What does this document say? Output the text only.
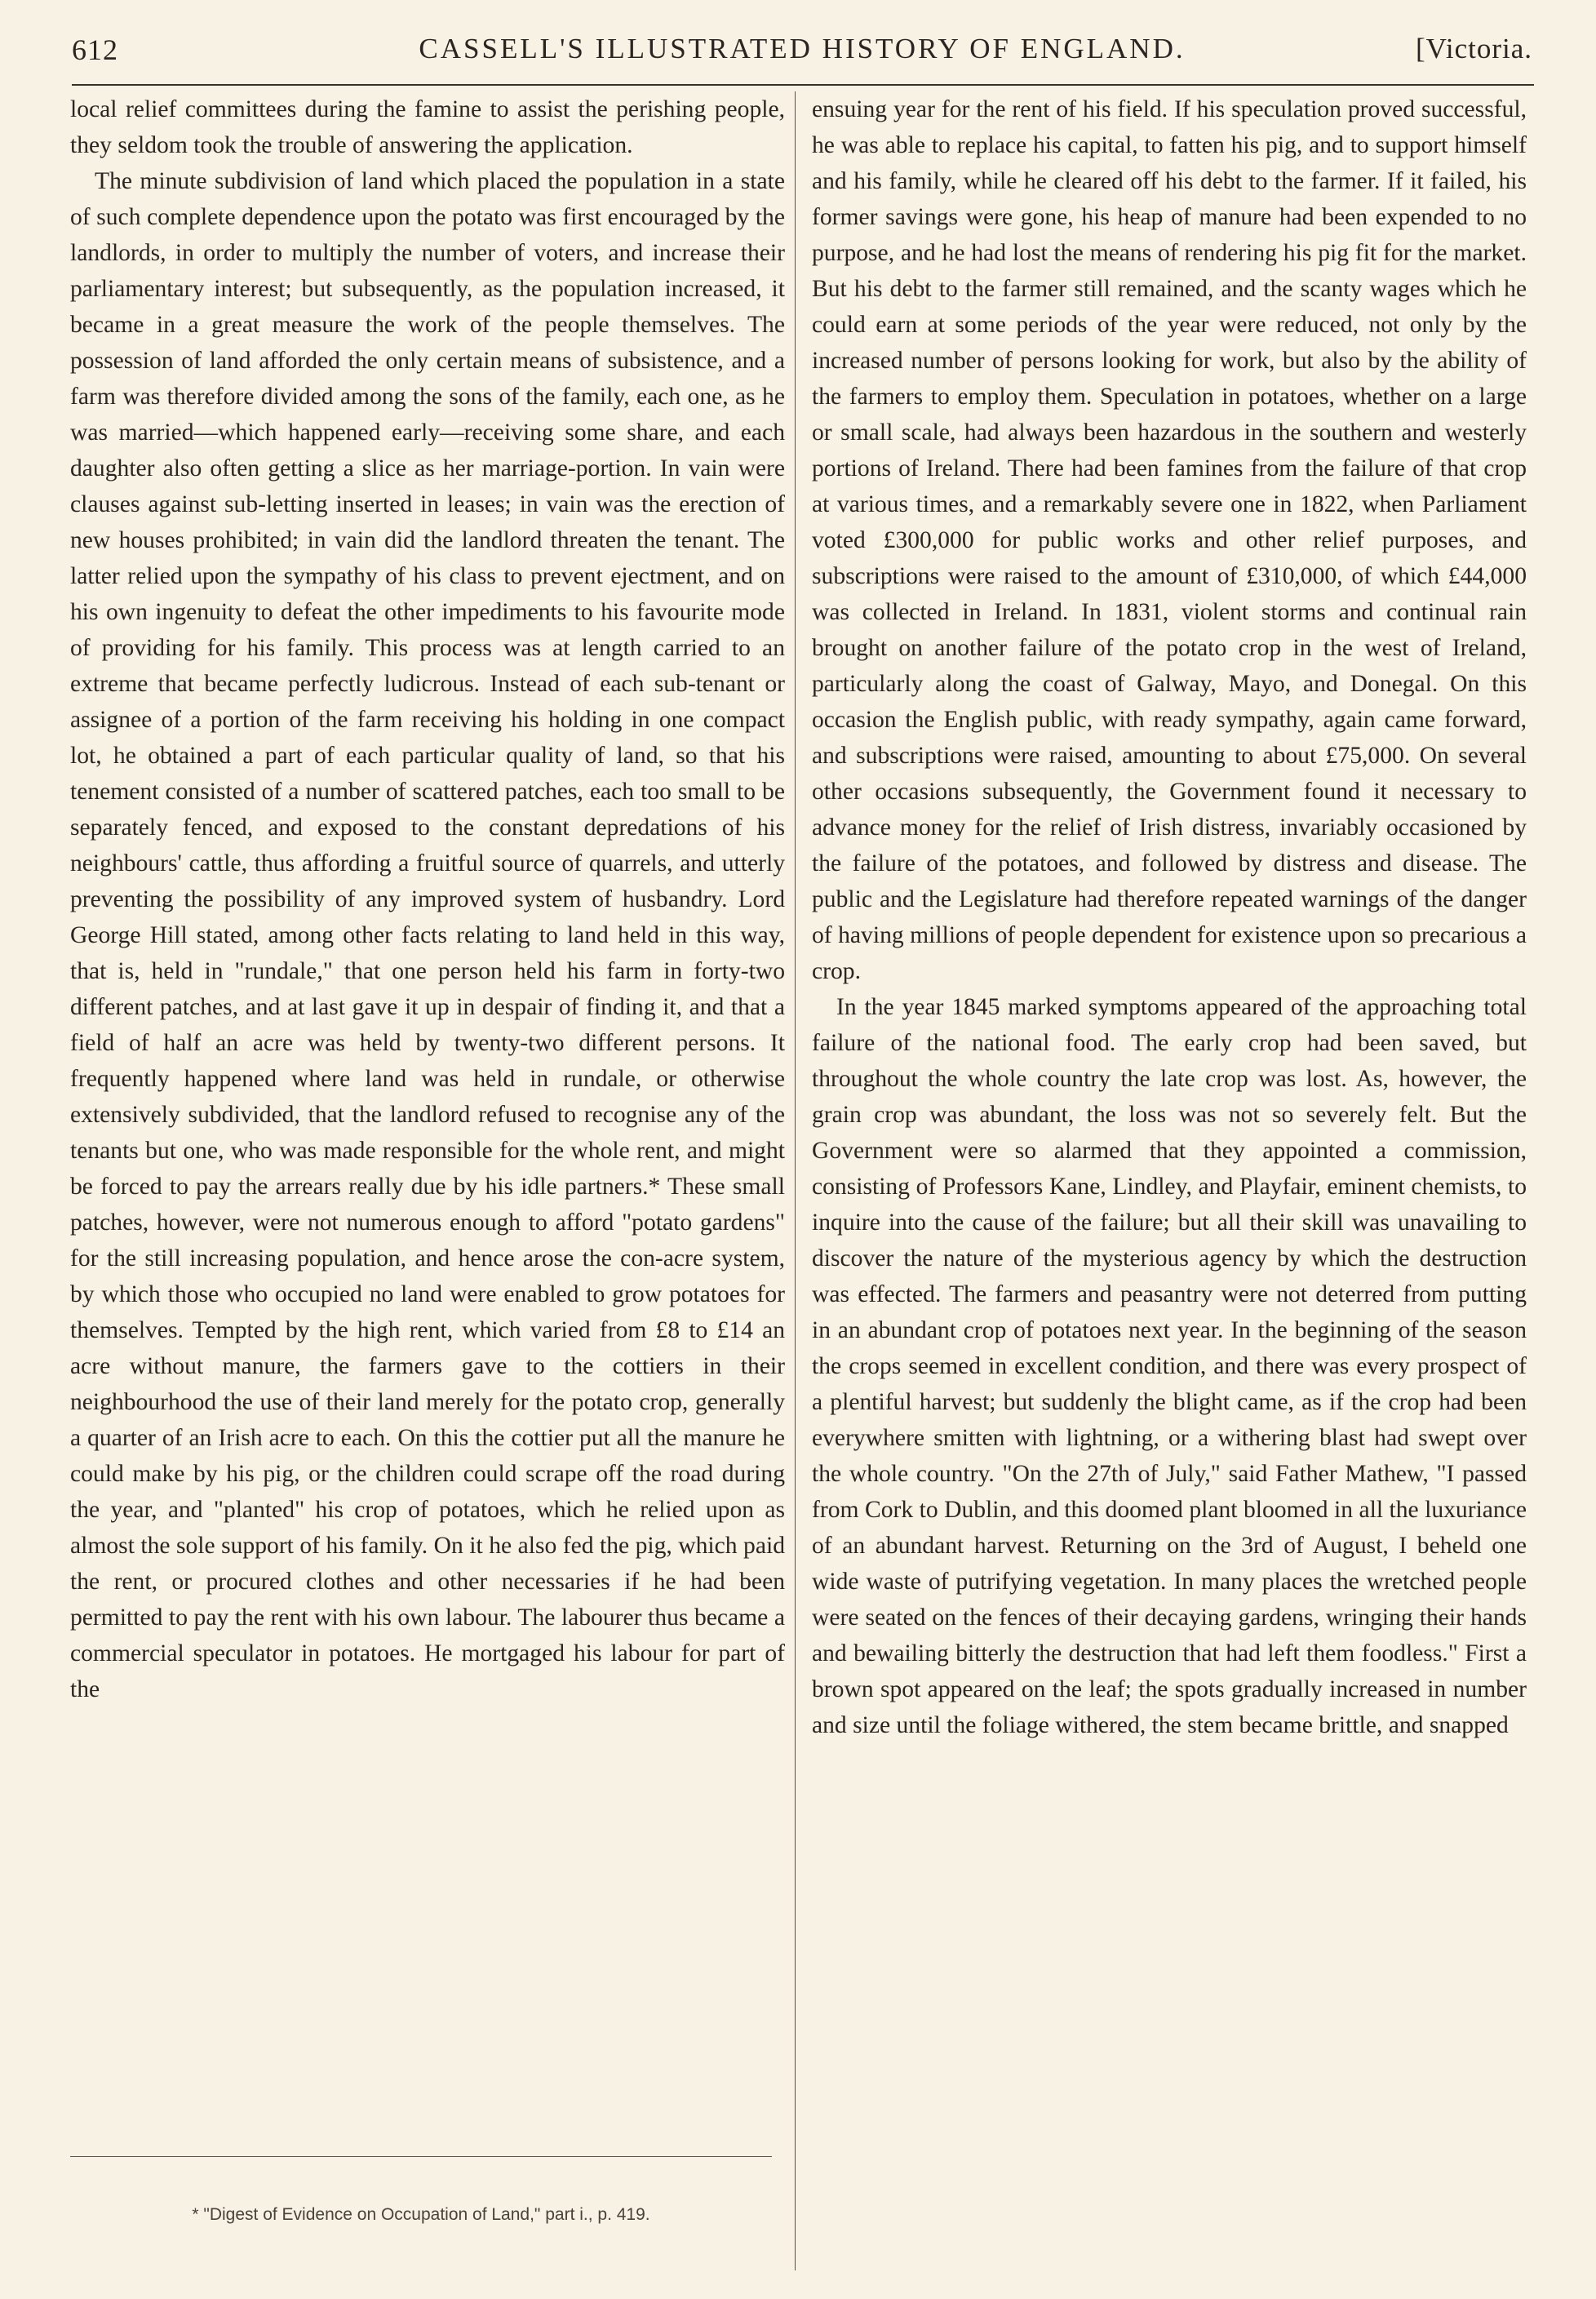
612	CASSELL'S ILLUSTRATED HISTORY OF ENGLAND.	[Victoria.

local relief committees during the famine to assist the perishing people, they seldom took the trouble of answering the application.

The minute subdivision of land which placed the population in a state of such complete dependence upon the potato was first encouraged by the landlords, in order to multiply the number of voters, and increase their parliamentary interest; but subsequently, as the population increased, it became in a great measure the work of the people themselves. The possession of land afforded the only certain means of subsistence, and a farm was therefore divided among the sons of the family, each one, as he was married—which happened early—receiving some share, and each daughter also often getting a slice as her marriage-portion. In vain were clauses against sub-letting inserted in leases; in vain was the erection of new houses prohibited; in vain did the landlord threaten the tenant. The latter relied upon the sympathy of his class to prevent ejectment, and on his own ingenuity to defeat the other impediments to his favourite mode of providing for his family. This process was at length carried to an extreme that became perfectly ludicrous. Instead of each sub-tenant or assignee of a portion of the farm receiving his holding in one compact lot, he obtained a part of each particular quality of land, so that his tenement consisted of a number of scattered patches, each too small to be separately fenced, and exposed to the constant depredations of his neighbours' cattle, thus affording a fruitful source of quarrels, and utterly preventing the possibility of any improved system of husbandry. Lord George Hill stated, among other facts relating to land held in this way, that is, held in "rundale," that one person held his farm in forty-two different patches, and at last gave it up in despair of finding it, and that a field of half an acre was held by twenty-two different persons. It frequently happened where land was held in rundale, or otherwise extensively subdivided, that the landlord refused to recognise any of the tenants but one, who was made responsible for the whole rent, and might be forced to pay the arrears really due by his idle partners.* These small patches, however, were not numerous enough to afford "potato gardens" for the still increasing population, and hence arose the con-acre system, by which those who occupied no land were enabled to grow potatoes for themselves. Tempted by the high rent, which varied from £8 to £14 an acre without manure, the farmers gave to the cottiers in their neighbourhood the use of their land merely for the potato crop, generally a quarter of an Irish acre to each. On this the cottier put all the manure he could make by his pig, or the children could scrape off the road during the year, and "planted" his crop of potatoes, which he relied upon as almost the sole support of his family. On it he also fed the pig, which paid the rent, or procured clothes and other necessaries if he had been permitted to pay the rent with his own labour. The labourer thus became a commercial speculator in potatoes. He mortgaged his labour for part of the

ensuing year for the rent of his field. If his speculation proved successful, he was able to replace his capital, to fatten his pig, and to support himself and his family, while he cleared off his debt to the farmer. If it failed, his former savings were gone, his heap of manure had been expended to no purpose, and he had lost the means of rendering his pig fit for the market. But his debt to the farmer still remained, and the scanty wages which he could earn at some periods of the year were reduced, not only by the increased number of persons looking for work, but also by the ability of the farmers to employ them. Speculation in potatoes, whether on a large or small scale, had always been hazardous in the southern and westerly portions of Ireland. There had been famines from the failure of that crop at various times, and a remarkably severe one in 1822, when Parliament voted £300,000 for public works and other relief purposes, and subscriptions were raised to the amount of £310,000, of which £44,000 was collected in Ireland. In 1831, violent storms and continual rain brought on another failure of the potato crop in the west of Ireland, particularly along the coast of Galway, Mayo, and Donegal. On this occasion the English public, with ready sympathy, again came forward, and subscriptions were raised, amounting to about £75,000. On several other occasions subsequently, the Government found it necessary to advance money for the relief of Irish distress, invariably occasioned by the failure of the potatoes, and followed by distress and disease. The public and the Legislature had therefore repeated warnings of the danger of having millions of people dependent for existence upon so precarious a crop.

In the year 1845 marked symptoms appeared of the approaching total failure of the national food. The early crop had been saved, but throughout the whole country the late crop was lost. As, however, the grain crop was abundant, the loss was not so severely felt. But the Government were so alarmed that they appointed a commission, consisting of Professors Kane, Lindley, and Playfair, eminent chemists, to inquire into the cause of the failure; but all their skill was unavailing to discover the nature of the mysterious agency by which the destruction was effected. The farmers and peasantry were not deterred from putting in an abundant crop of potatoes next year. In the beginning of the season the crops seemed in excellent condition, and there was every prospect of a plentiful harvest; but suddenly the blight came, as if the crop had been everywhere smitten with lightning, or a withering blast had swept over the whole country. "On the 27th of July," said Father Mathew, "I passed from Cork to Dublin, and this doomed plant bloomed in all the luxuriance of an abundant harvest. Returning on the 3rd of August, I beheld one wide waste of putrifying vegetation. In many places the wretched people were seated on the fences of their decaying gardens, wringing their hands and bewailing bitterly the destruction that had left them foodless." First a brown spot appeared on the leaf; the spots gradually increased in number and size until the foliage withered, the stem became brittle, and snapped

* "Digest of Evidence on Occupation of Land," part i., p. 419.
